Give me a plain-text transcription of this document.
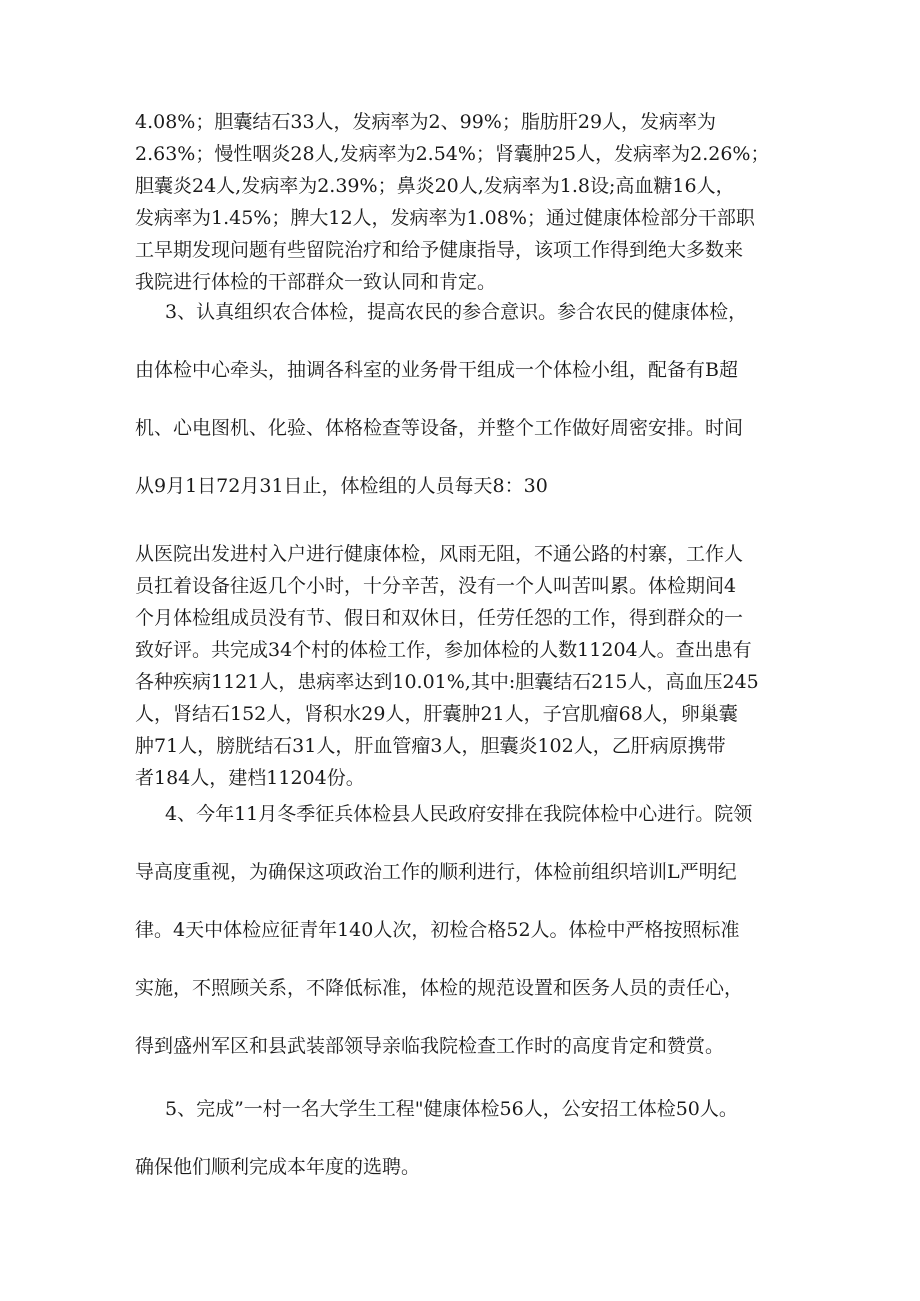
4.08%；胆囊结石33人，发病率为2、99%；脂肪肝29人，发病率为

2.63%；慢性咽炎28人,发病率为2.54%；肾囊肿25人，发病率为2.26%；

胆囊炎24人,发病率为2.39%；鼻炎20人,发病率为1.8设;高血糖16人，

发病率为1.45%；脾大12人，发病率为1.08%；通过健康体检部分干部职

工早期发现问题有些留院治疗和给予健康指导，该项工作得到绝大多数来

我院进行体检的干部群众一致认同和肯定。

3、认真组织农合体检，提高农民的参合意识。参合农民的健康体检，

由体检中心牵头，抽调各科室的业务骨干组成一个体检小组，配备有B超

机、心电图机、化验、体格检查等设备，并整个工作做好周密安排。时间

从9月1日72月31日止，体检组的人员每天8：30

从医院出发进村入户进行健康体检，风雨无阻，不通公路的村寨，工作人

员扛着设备往返几个小时，十分辛苦，没有一个人叫苦叫累。体检期间4

个月体检组成员没有节、假日和双休日，任劳任怨的工作，得到群众的一

致好评。共完成34个村的体检工作，参加体检的人数11204人。查出患有

各种疾病1121人，患病率达到10.01%,其中:胆囊结石215人，高血压245

人，肾结石152人，肾积水29人，肝囊肿21人，子宫肌瘤68人，卵巢囊

肿71人，膀胱结石31人，肝血管瘤3人，胆囊炎102人，乙肝病原携带

者184人，建档11204份。

4、今年11月冬季征兵体检县人民政府安排在我院体检中心进行。院领

导高度重视，为确保这项政治工作的顺利进行，体检前组织培训L严明纪

律。4天中体检应征青年140人次，初检合格52人。体检中严格按照标准

实施，不照顾关系，不降低标准，体检的规范设置和医务人员的责任心，

得到盛州军区和县武装部领导亲临我院检查工作时的高度肯定和赞赏。

5、完成”一村一名大学生工程"健康体检56人，公安招工体检50人。

确保他们顺利完成本年度的选聘。
